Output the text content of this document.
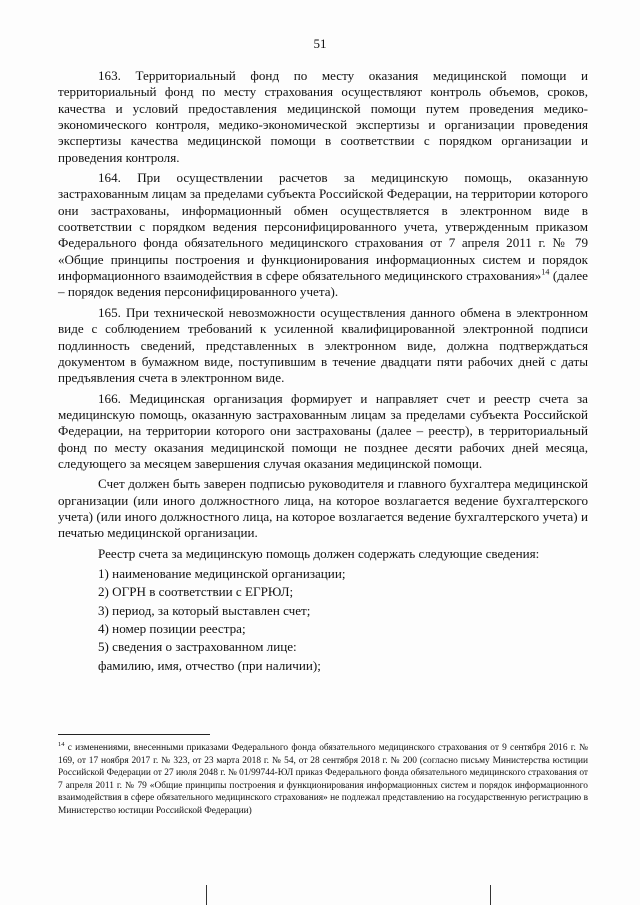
51

163. Территориальный фонд по месту оказания медицинской помощи и территориальный фонд по месту страхования осуществляют контроль объемов, сроков, качества и условий предоставления медицинской помощи путем проведения медико-экономического контроля, медико-экономической экспертизы и организации проведения экспертизы качества медицинской помощи в соответствии с порядком организации и проведения контроля.

164. При осуществлении расчетов за медицинскую помощь, оказанную застрахованным лицам за пределами субъекта Российской Федерации, на территории которого они застрахованы, информационный обмен осуществляется в электронном виде в соответствии с порядком ведения персонифицированного учета, утвержденным приказом Федерального фонда обязательного медицинского страхования от 7 апреля 2011 г. № 79 «Общие принципы построения и функционирования информационных систем и порядок информационного взаимодействия в сфере обязательного медицинского страхования»$^{14}$ (далее – порядок ведения персонифицированного учета).

165. При технической невозможности осуществления данного обмена в электронном виде с соблюдением требований к усиленной квалифицированной электронной подписи подлинность сведений, представленных в электронном виде, должна подтверждаться документом в бумажном виде, поступившим в течение двадцати пяти рабочих дней с даты предъявления счета в электронном виде.

166. Медицинская организация формирует и направляет счет и реестр счета за медицинскую помощь, оказанную застрахованным лицам за пределами субъекта Российской Федерации, на территории которого они застрахованы (далее – реестр), в территориальный фонд по месту оказания медицинской помощи не позднее десяти рабочих дней месяца, следующего за месяцем завершения случая оказания медицинской помощи.

Счет должен быть заверен подписью руководителя и главного бухгалтера медицинской организации (или иного должностного лица, на которое возлагается ведение бухгалтерского учета) (или иного должностного лица, на которое возлагается ведение бухгалтерского учета) и печатью медицинской организации.

Реестр счета за медицинскую помощь должен содержать следующие сведения:

1) наименование медицинской организации;
2) ОГРН в соответствии с ЕГРЮЛ;
3) период, за который выставлен счет;
4) номер позиции реестра;
5) сведения о застрахованном лице:
фамилию, имя, отчество (при наличии);
$^{14}$ с изменениями, внесенными приказами Федерального фонда обязательного медицинского страхования от 9 сентября 2016 г. № 169, от 17 ноября 2017 г. № 323, от 23 марта 2018 г. № 54, от 28 сентября 2018 г. № 200 (согласно письму Министерства юстиции Российской Федерации от 27 июля 2048 г. № 01/99744-ЮЛ приказ Федерального фонда обязательного медицинского страхования от 7 апреля 2011 г. № 79 «Общие принципы построения и функционирования информационных систем и порядок информационного взаимодействия в сфере обязательного медицинского страхования» не подлежал представлению на государственную регистрацию в Министерство юстиции Российской Федерации)
